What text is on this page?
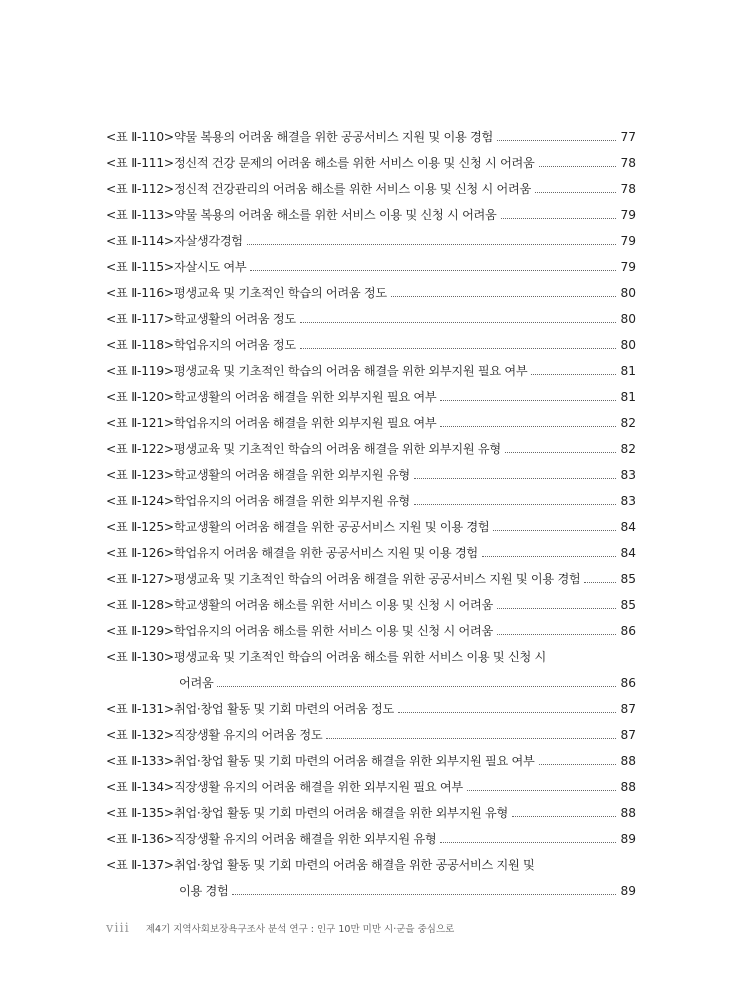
<표 Ⅱ-110> 약물 복용의 어려움 해결을 위한 공공서비스 지원 및 이용 경험	77
<표 Ⅱ-111> 정신적 건강 문제의 어려움 해소를 위한 서비스 이용 및 신청 시 어려움	78
<표 Ⅱ-112> 정신적 건강관리의 어려움 해소를 위한 서비스 이용 및 신청 시 어려움	78
<표 Ⅱ-113> 약물 복용의 어려움 해소를 위한 서비스 이용 및 신청 시 어려움	79
<표 Ⅱ-114> 자살생각경험	79
<표 Ⅱ-115> 자살시도 여부	79
<표 Ⅱ-116> 평생교육 및 기초적인 학습의 어려움 정도	80
<표 Ⅱ-117> 학교생활의 어려움 정도	80
<표 Ⅱ-118> 학업유지의 어려움 정도	80
<표 Ⅱ-119> 평생교육 및 기초적인 학습의 어려움 해결을 위한 외부지원 필요 여부	81
<표 Ⅱ-120> 학교생활의 어려움 해결을 위한 외부지원 필요 여부	81
<표 Ⅱ-121> 학업유지의 어려움 해결을 위한 외부지원 필요 여부	82
<표 Ⅱ-122> 평생교육 및 기초적인 학습의 어려움 해결을 위한 외부지원 유형	82
<표 Ⅱ-123> 학교생활의 어려움 해결을 위한 외부지원 유형	83
<표 Ⅱ-124> 학업유지의 어려움 해결을 위한 외부지원 유형	83
<표 Ⅱ-125> 학교생활의 어려움 해결을 위한 공공서비스 지원 및 이용 경험	84
<표 Ⅱ-126> 학업유지 어려움 해결을 위한 공공서비스 지원 및 이용 경험	84
<표 Ⅱ-127> 평생교육 및 기초적인 학습의 어려움 해결을 위한 공공서비스 지원 및 이용 경험	85
<표 Ⅱ-128> 학교생활의 어려움 해소를 위한 서비스 이용 및 신청 시 어려움	85
<표 Ⅱ-129> 학업유지의 어려움 해소를 위한 서비스 이용 및 신청 시 어려움	86
<표 Ⅱ-130> 평생교육 및 기초적인 학습의 어려움 해소를 위한 서비스 이용 및 신청 시
어려움	86
<표 Ⅱ-131> 취업·창업 활동 및 기회 마련의 어려움 정도	87
<표 Ⅱ-132> 직장생활 유지의 어려움 정도	87
<표 Ⅱ-133> 취업·창업 활동 및 기회 마련의 어려움 해결을 위한 외부지원 필요 여부	88
<표 Ⅱ-134> 직장생활 유지의 어려움 해결을 위한 외부지원 필요 여부	88
<표 Ⅱ-135> 취업·창업 활동 및 기회 마련의 어려움 해결을 위한 외부지원 유형	88
<표 Ⅱ-136> 직장생활 유지의 어려움 해결을 위한 외부지원 유형	89
<표 Ⅱ-137> 취업·창업 활동 및 기회 마련의 어려움 해결을 위한 공공서비스 지원 및
이용 경험	89
viii 제4기 지역사회보장욕구조사 분석 연구 : 인구 10만 미만 시·군을 중심으로
